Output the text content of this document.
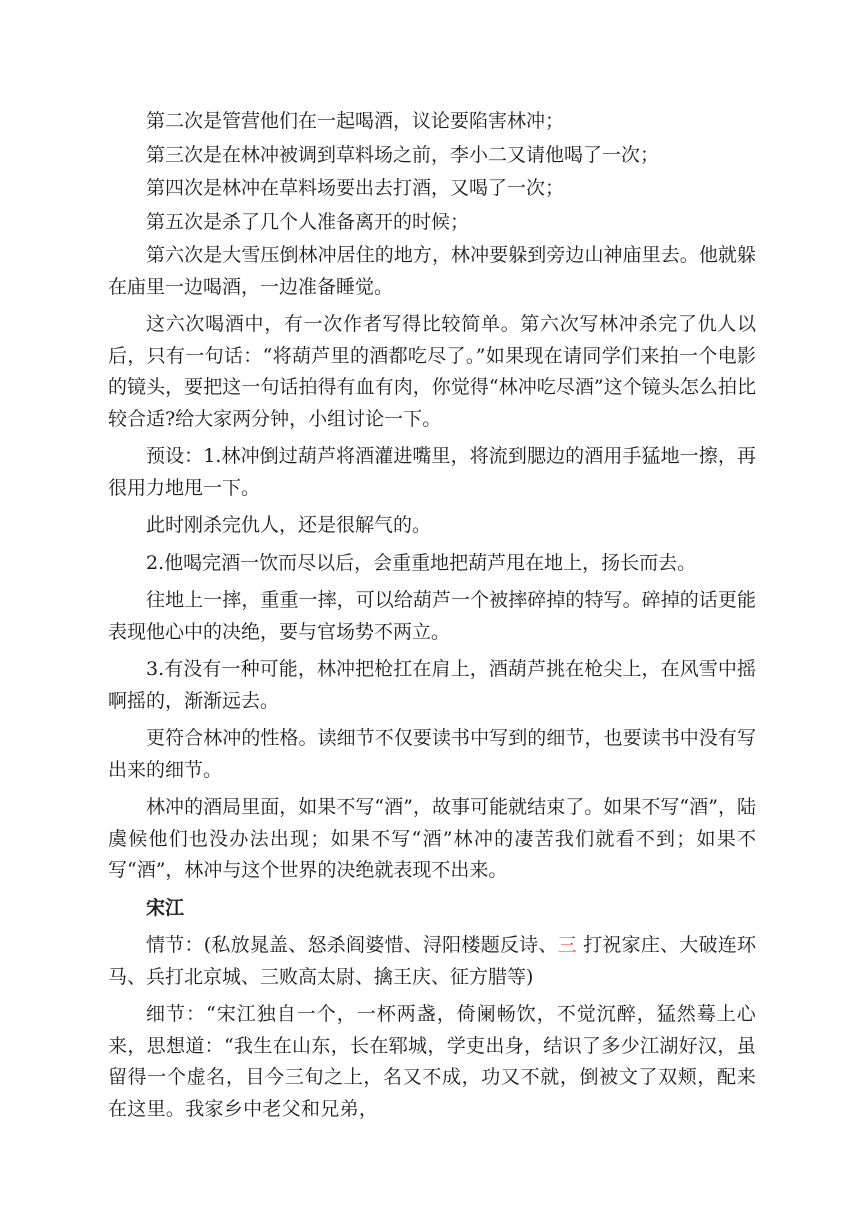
第二次是管营他们在一起喝酒，议论要陷害林冲；

第三次是在林冲被调到草料场之前，李小二又请他喝了一次；

第四次是林冲在草料场要出去打酒，又喝了一次；

第五次是杀了几个人准备离开的时候；

第六次是大雪压倒林冲居住的地方，林冲要躲到旁边山神庙里去。他就躲在庙里一边喝酒，一边准备睡觉。

这六次喝酒中，有一次作者写得比较简单。第六次写林冲杀完了仇人以后，只有一句话：“将葫芦里的酒都吃尽了。”如果现在请同学们来拍一个电影的镜头，要把这一句话拍得有血有肉，你觉得“林冲吃尽酒”这个镜头怎么拍比较合适?给大家两分钟，小组讨论一下。

预设：1.林冲倒过葫芦将酒灌进嘴里，将流到腮边的酒用手猛地一擦，再很用力地甩一下。

此时刚杀完仇人，还是很解气的。

2.他喝完酒一饮而尽以后，会重重地把葫芦甩在地上，扬长而去。

往地上一摔，重重一摔，可以给葫芦一个被摔碎掉的特写。碎掉的话更能表现他心中的决绝，要与官场势不两立。

3.有没有一种可能，林冲把枪扛在肩上，酒葫芦挑在枪尖上，在风雪中摇啊摇的，渐渐远去。

更符合林冲的性格。读细节不仅要读书中写到的细节，也要读书中没有写出来的细节。

林冲的酒局里面，如果不写“酒”，故事可能就结束了。如果不写“酒”，陆虞候他们也没办法出现；如果不写“酒”林冲的凄苦我们就看不到；如果不写“酒”，林冲与这个世界的决绝就表现不出来。

宋江

情节：(私放晁盖、怒杀阎婆惜、浔阳楼题反诗、三 打祝家庄、大破连环马、兵打北京城、三败高太尉、擒王庆、征方腊等)

细节：“宋江独自一个，一杯两盏，倚阑畅饮，不觉沉醉，猛然蓦上心来，思想道：“我生在山东，长在郓城，学吏出身，结识了多少江湖好汉，虽留得一个虚名，目今三旬之上，名又不成，功又不就，倒被文了双颊，配来在这里。我家乡中老父和兄弟，
